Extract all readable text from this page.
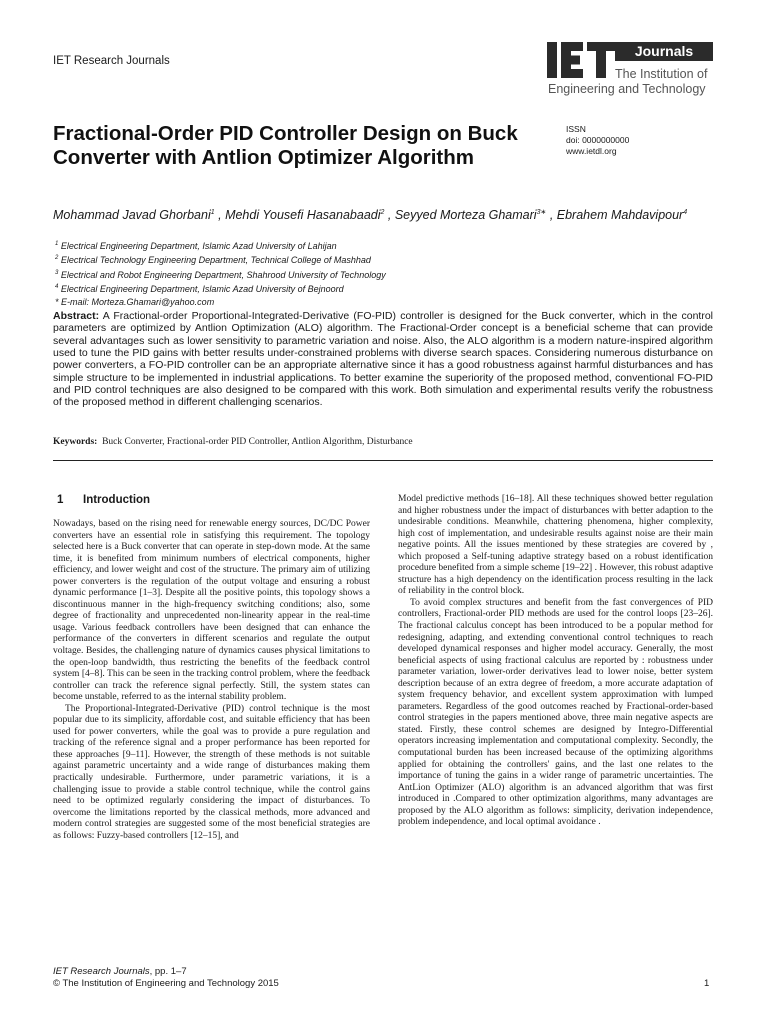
IET Research Journals
Journals
The Institution of
Engineering and Technology
Fractional-Order PID Controller Design on Buck Converter with Antlion Optimizer Algorithm
ISSN
doi: 0000000000
www.ietdl.org
Mohammad Javad Ghorbani$^1$ , Mehdi Yousefi Hasanabaadi$^2$ , Seyyed Morteza Ghamari$^{3∗}$ , Ebrahem Mahdavipour$^4$
$^1$ Electrical Engineering Department, Islamic Azad University of Lahijan
$^2$ Electrical Technology Engineering Department, Technical College of Mashhad
$^3$ Electrical and Robot Engineering Department, Shahrood University of Technology
$^4$ Electrical Engineering Department, Islamic Azad University of Bejnoord
* E-mail: Morteza.Ghamari@yahoo.com
Abstract: A Fractional-order Proportional-Integrated-Derivative (FO-PID) controller is designed for the Buck converter, which in the control parameters are optimized by Antlion Optimization (ALO) algorithm. The Fractional-Order concept is a beneficial scheme that can provide several advantages such as lower sensitivity to parametric variation and noise. Also, the ALO algorithm is a modern nature-inspired algorithm used to tune the PID gains with better results under-constrained problems with diverse search spaces. Considering numerous disturbance on power converters, a FO-PID controller can be an appropriate alternative since it has a good robustness against harmful disturbances and has simple structure to be implemented in industrial applications. To better examine the superiority of the proposed method, conventional FO-PID and PID control techniques are also designed to be compared with this work. Both simulation and experimental results verify the robustness of the proposed method in different challenging scenarios.
Keywords: Buck Converter, Fractional-order PID Controller, Antlion Algorithm, Disturbance
1 Introduction

Nowadays, based on the rising need for renewable energy sources, DC/DC Power converters have an essential role in satisfying this requirement. The topology selected here is a Buck converter that can operate in step-down mode. At the same time, it is benefited from minimum numbers of electrical components, higher efficiency, and lower weight and cost of the structure. The primary aim of utilizing power converters is the regulation of the output voltage and ensuring a robust dynamic performance [1–3]. Despite all the positive points, this topology shows a discontinuous manner in the high-frequency switching conditions; also, some degree of fractionality and unprecedented non-linearity appear in the real-time usage. Various feedback controllers have been designed that can enhance the performance of the converters in different scenarios and regulate the output voltage. Besides, the challenging nature of dynamics causes physical limitations to the open-loop bandwidth, thus restricting the benefits of the feedback control system [4–8]. This can be seen in the tracking control problem, where the feedback controller can track the reference signal perfectly. Still, the system states can become unstable, referred to as the internal stability problem.

The Proportional-Integrated-Derivative (PID) control technique is the most popular due to its simplicity, affordable cost, and suitable efficiency that has been used for power converters, while the goal was to provide a pure regulation and tracking of the reference signal and a proper performance has been reported for these approaches [9–11]. However, the strength of these methods is not suitable against parametric uncertainty and a wide range of disturbances making them practically undesirable. Furthermore, under parametric variations, it is a challenging issue to provide a stable control technique, while the control gains need to be optimized regularly considering the impact of disturbances. To overcome the limitations reported by the classical methods, more advanced and modern control strategies are suggested some of the most beneficial strategies are as follows: Fuzzy-based controllers [12–15], and

Model predictive methods [16–18]. All these techniques showed better regulation and higher robustness under the impact of disturbances with better adaption to the undesirable conditions. Meanwhile, chattering phenomena, higher complexity, high cost of implementation, and undesirable results against noise are their main negative points. All the issues mentioned by these strategies are covered by , which proposed a Self-tuning adaptive strategy based on a robust identification procedure benefited from a simple scheme [19–22] . However, this robust adaptive structure has a high dependency on the identification process resulting in the lack of reliability in the control block.

To avoid complex structures and benefit from the fast convergences of PID controllers, Fractional-order PID methods are used for the control loops [23–26]. The fractional calculus concept has been introduced to be a popular method for redesigning, adapting, and extending conventional control techniques to reach developed dynamical responses and higher model accuracy. Generally, the most beneficial aspects of using fractional calculus are reported by : robustness under parameter variation, lower-order derivatives lead to lower noise, better system description because of an extra degree of freedom, a more accurate adaptation of system frequency behavior, and excellent system approximation with lumped parameters. Regardless of the good outcomes reached by Fractional-order-based control strategies in the papers mentioned above, three main negative aspects are stated. Firstly, these control schemes are designed by Integro-Differential operators increasing implementation and computational complexity. Secondly, the computational burden has been increased because of the optimizing algorithms applied for obtaining the controllers' gains, and the last one relates to the importance of tuning the gains in a wider range of parametric uncertainties. The AntLion Optimizer (ALO) algorithm is an advanced algorithm that was first introduced in .Compared to other optimization algorithms, many advantages are proposed by the ALO algorithm as follows: simplicity, derivation independence, problem independence, and local optimal avoidance .

IET Research Journals, pp. 1–7
© The Institution of Engineering and Technology 2015	1
